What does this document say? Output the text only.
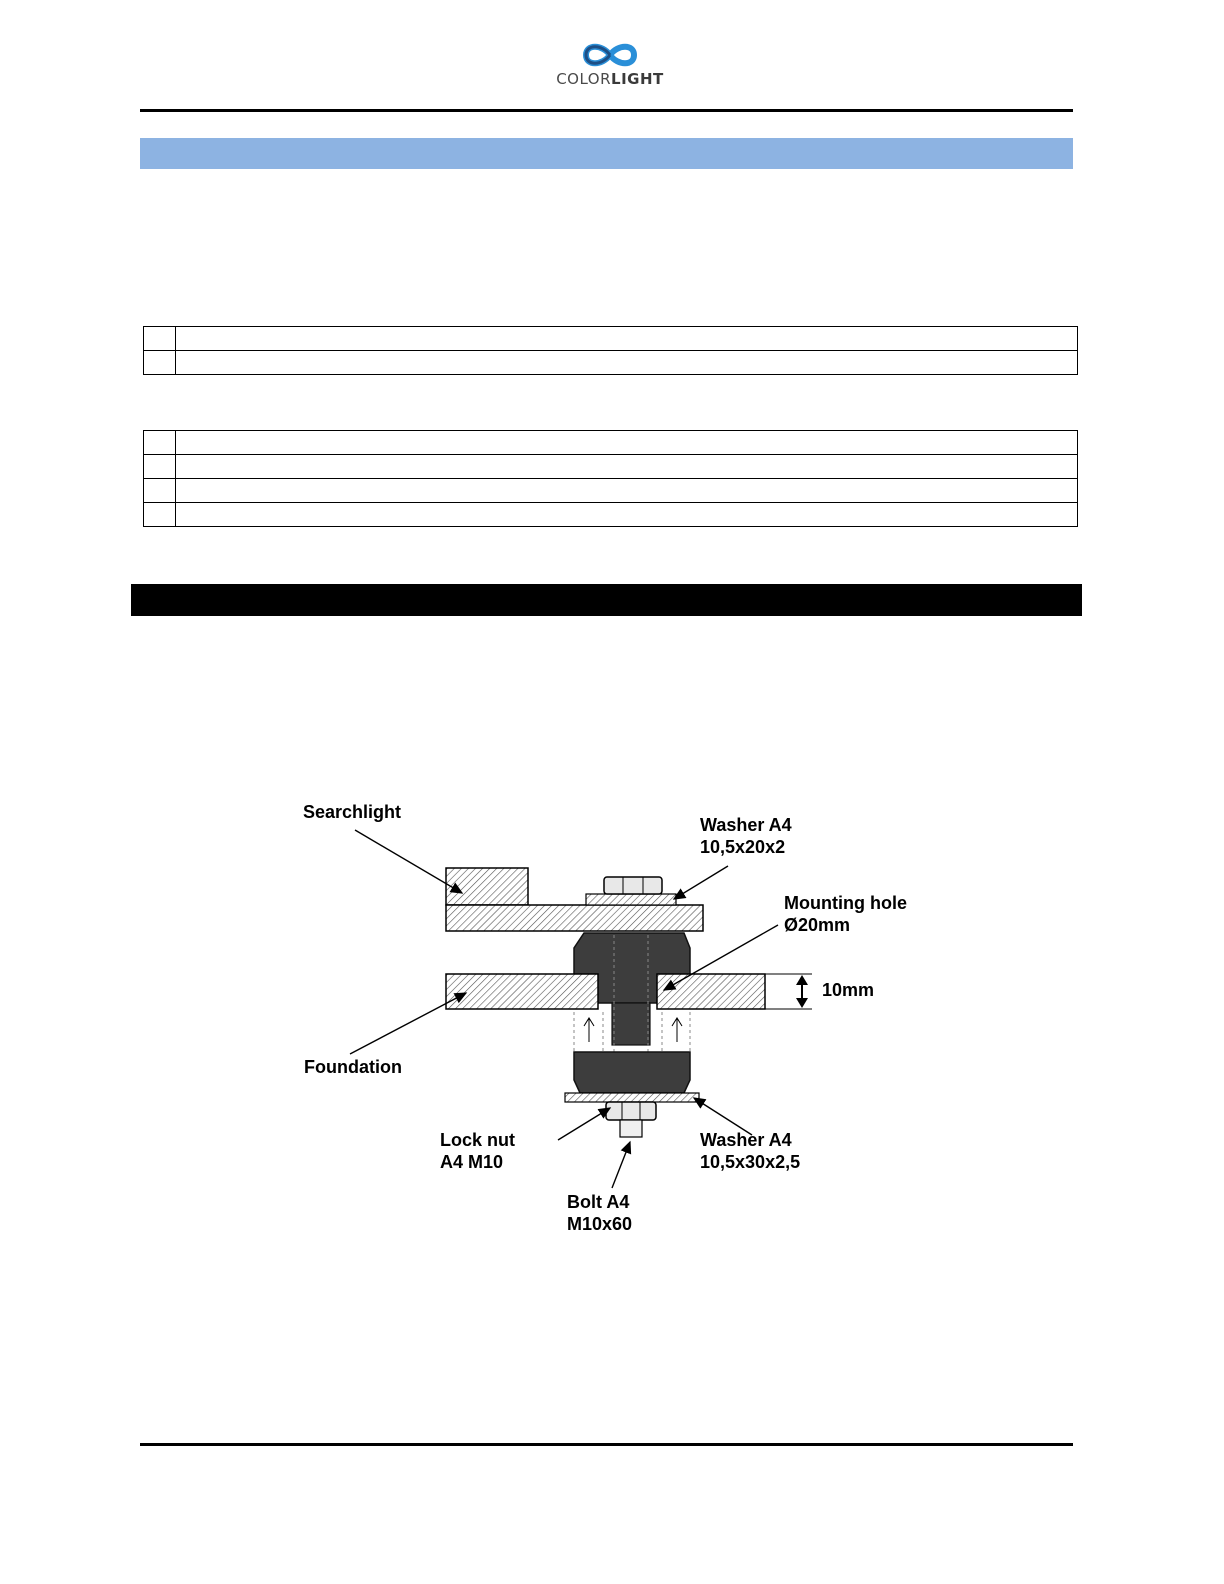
COLORLIGHT

Searchlight
Washer A4
10,5x20x2
Mounting hole
Ø20mm
10mm
Foundation
Lock nut
A4 M10
Washer A4
10,5x30x2,5
Bolt A4
M10x60
